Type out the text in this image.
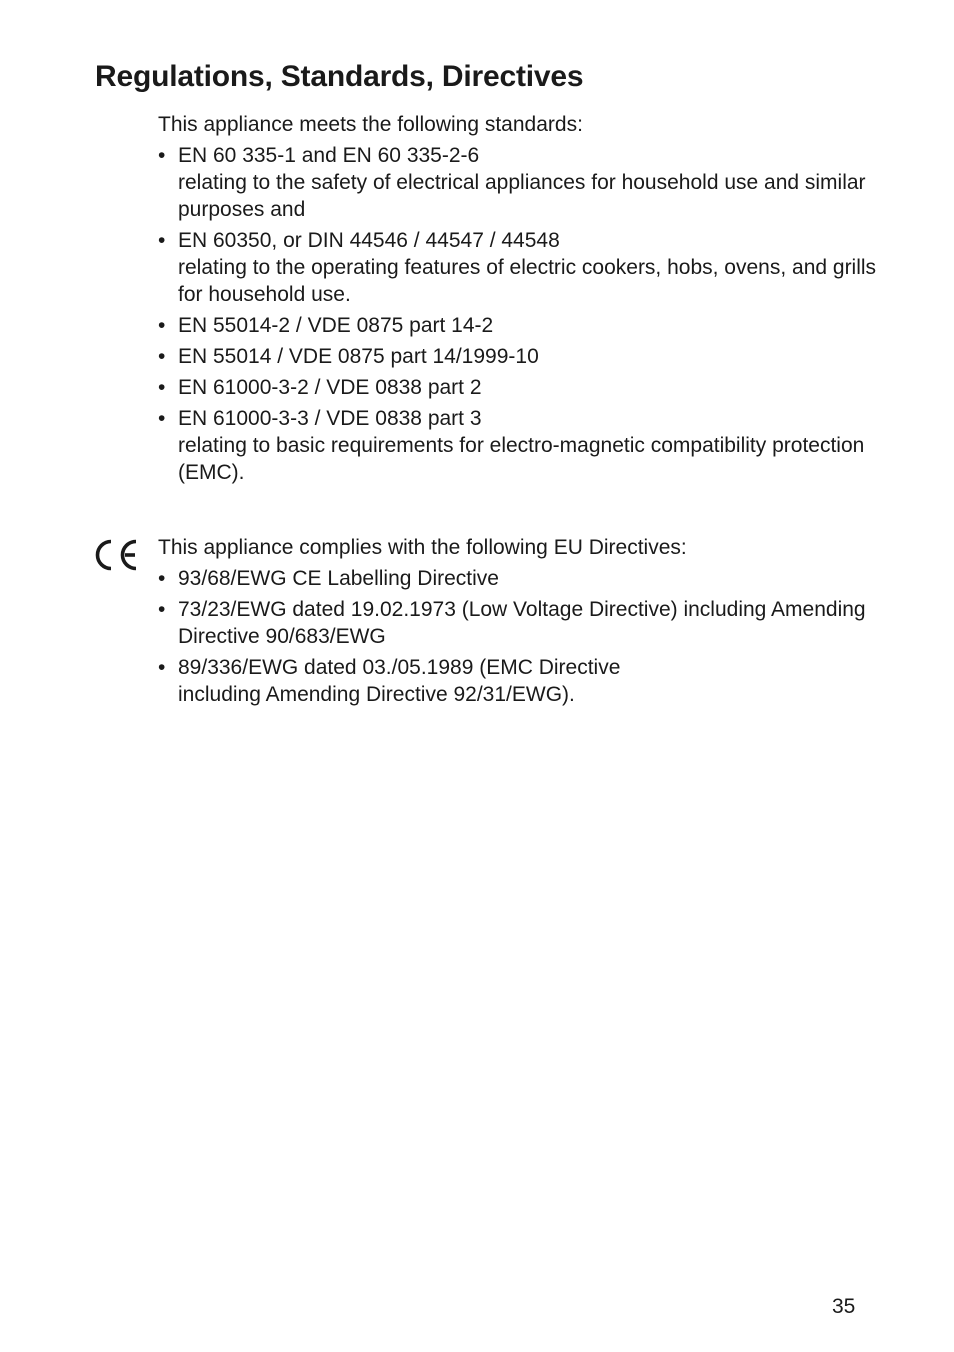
Regulations, Standards, Directives

This appliance meets the following standards:

• EN 60 335-1 and EN 60 335-2-6
relating to the safety of electrical appliances for household use and similar purposes and
• EN 60350, or DIN 44546 / 44547 / 44548
relating to the operating features of electric cookers, hobs, ovens, and grills for household use.
• EN 55014-2 / VDE 0875 part 14-2
• EN 55014 / VDE 0875 part 14/1999-10
• EN 61000-3-2 / VDE 0838 part 2
• EN 61000-3-3 / VDE 0838 part 3
relating to basic requirements for electro-magnetic compatibility protection (EMC).

This appliance complies with the following EU Directives:

• 93/68/EWG CE Labelling Directive
• 73/23/EWG dated 19.02.1973 (Low Voltage Directive) including Amending Directive 90/683/EWG
• 89/336/EWG dated 03./05.1989 (EMC Directive
including Amending Directive 92/31/EWG).
35
